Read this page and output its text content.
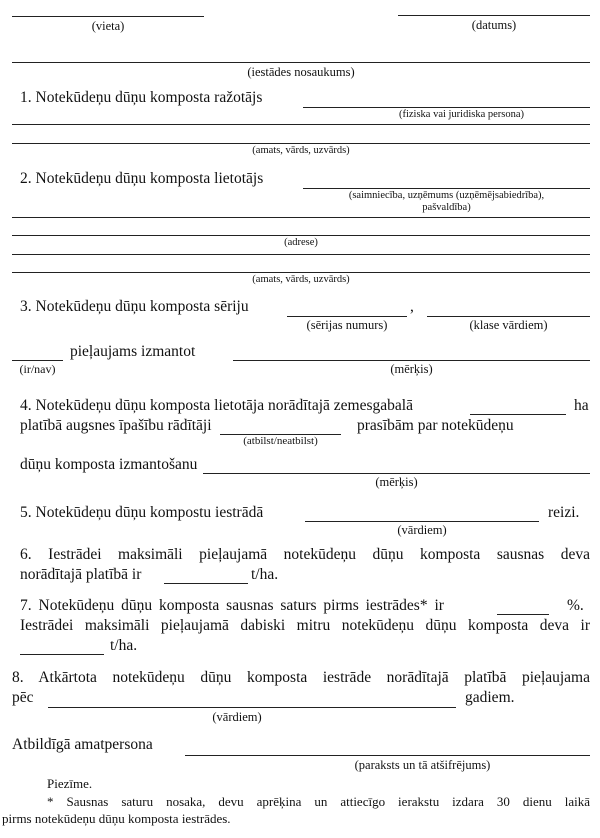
(vieta)	(datums)
(iestādes nosaukums)
1. Notekūdeņu dūņu komposta ražotājs
(fiziska vai juridiska persona)
(amats, vārds, uzvārds)
2. Notekūdeņu dūņu komposta lietotājs
(saimniecība, uzņēmums (uzņēmējsabiedrība),
pašvaldība)
(adrese)
(amats, vārds, uzvārds)
3. Notekūdeņu dūņu komposta sēriju	,
(sērijas numurs)	(klase vārdiem)
(ir/nav)
pieļaujams izmantot
(mērķis)
4. Notekūdeņu dūņu komposta lietotāja norādītajā zemesgabalā	ha
platībā augsnes īpašību rādītāji
(atbilst/neatbilst)
prasībām par notekūdeņu
dūņu komposta izmantošanu
(mērķis)
5. Notekūdeņu dūņu kompostu iestrādā	reizi.
(vārdiem)
6. Iestrādei maksimāli pieļaujamā notekūdeņu dūņu komposta sausnas deva
norādītajā platībā ir	t/ha.
7. Notekūdeņu dūņu komposta sausnas saturs pirms iestrādes* ir	%.
Iestrādei maksimāli pieļaujamā dabiski mitru notekūdeņu dūņu komposta deva ir
t/ha.
8. Atkārtota notekūdeņu dūņu komposta iestrāde norādītajā platībā pieļaujama
pēc	gadiem.
(vārdiem)
Atbildīgā amatpersona
(paraksts un tā atšifrējums)
Piezīme.
* Sausnas saturu nosaka, devu aprēķina un attiecīgo ierakstu izdara 30 dienu laikā
pirms notekūdeņu dūņu komposta iestrādes.
